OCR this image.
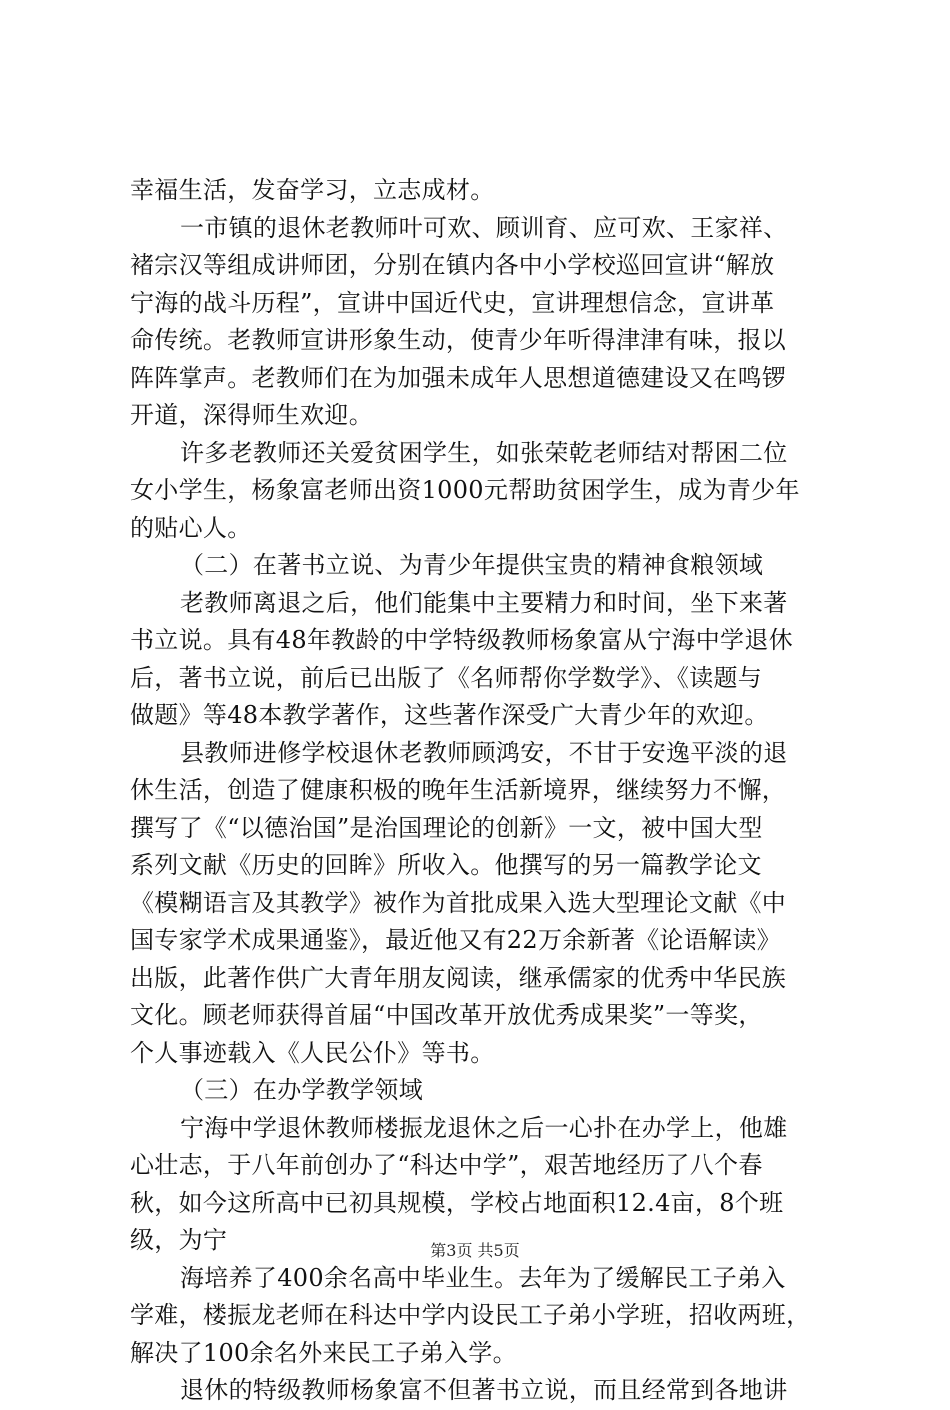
幸福生活，发奋学习，立志成材。
一市镇的退休老教师叶可欢、顾训育、应可欢、王家祥、
褚宗汉等组成讲师团，分别在镇内各中小学校巡回宣讲“解放
宁海的战斗历程”，宣讲中国近代史，宣讲理想信念，宣讲革
命传统。老教师宣讲形象生动，使青少年听得津津有味，报以
阵阵掌声。老教师们在为加强未成年人思想道德建设又在鸣锣
开道，深得师生欢迎。
许多老教师还关爱贫困学生，如张荣乾老师结对帮困二位
女小学生，杨象富老师出资1000元帮助贫困学生，成为青少年
的贴心人。
（二）在著书立说、为青少年提供宝贵的精神食粮领域
老教师离退之后，他们能集中主要精力和时间，坐下来著
书立说。具有48年教龄的中学特级教师杨象富从宁海中学退休
后，著书立说，前后已出版了《名师帮你学数学》、《读题与
做题》等48本教学著作，这些著作深受广大青少年的欢迎。
县教师进修学校退休老教师顾鸿安，不甘于安逸平淡的退
休生活，创造了健康积极的晚年生活新境界，继续努力不懈，
撰写了《“以德治国”是治国理论的创新》一文，被中国大型
系列文献《历史的回眸》所收入。他撰写的另一篇教学论文
《模糊语言及其教学》被作为首批成果入选大型理论文献《中
国专家学术成果通鉴》，最近他又有22万余新著《论语解读》
出版，此著作供广大青年朋友阅读，继承儒家的优秀中华民族
文化。顾老师获得首届“中国改革开放优秀成果奖”一等奖，
个人事迹载入《人民公仆》等书。
（三）在办学教学领域
宁海中学退休教师楼振龙退休之后一心扑在办学上，他雄
心壮志，于八年前创办了“科达中学”，艰苦地经历了八个春
秋，如今这所高中已初具规模，学校占地面积12.4亩，8个班
级，为宁
海培养了400余名高中毕业生。去年为了缓解民工子弟入
学难，楼振龙老师在科达中学内设民工子弟小学班，招收两班，
解决了100余名外来民工子弟入学。
退休的特级教师杨象富不但著书立说，而且经常到各地讲
第3页 共5页
